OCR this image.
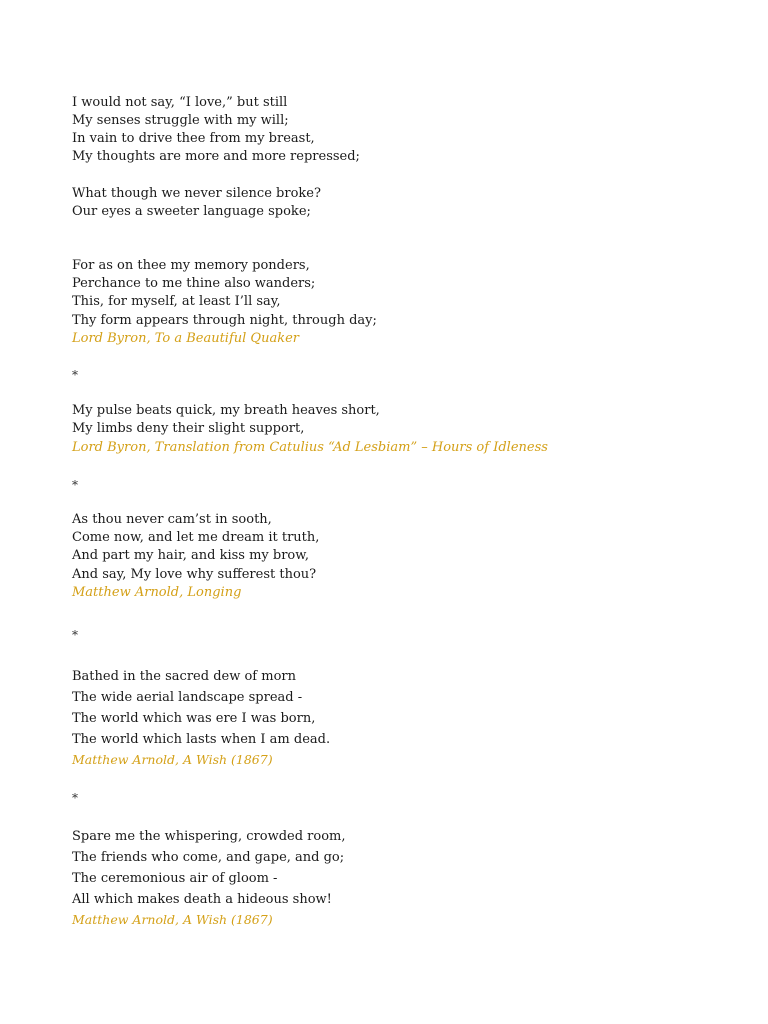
I would not say, “I love,” but still
My senses struggle with my will;
In vain to drive thee from my breast,
My thoughts are more and more repressed;
What though we never silence broke?
Our eyes a sweeter language spoke;
For as on thee my memory ponders,
Perchance to me thine also wanders;
This, for myself, at least I’ll say,
Thy form appears through night, through day;
Lord Byron, To a Beautiful Quaker
*
My pulse beats quick, my breath heaves short,
My limbs deny their slight support,
Lord Byron, Translation from Catulius “Ad Lesbiam” – Hours of Idleness
*
As thou never cam’st in sooth,
Come now, and let me dream it truth,
And part my hair, and kiss my brow,
And say, My love why sufferest thou?
Matthew Arnold, Longing
*
Bathed in the sacred dew of morn
The wide aerial landscape spread -
The world which was ere I was born,
The world which lasts when I am dead.
Matthew Arnold, A Wish (1867)
*
Spare me the whispering, crowded room,
The friends who come, and gape, and go;
The ceremonious air of gloom -
All which makes death a hideous show!
Matthew Arnold, A Wish (1867)
